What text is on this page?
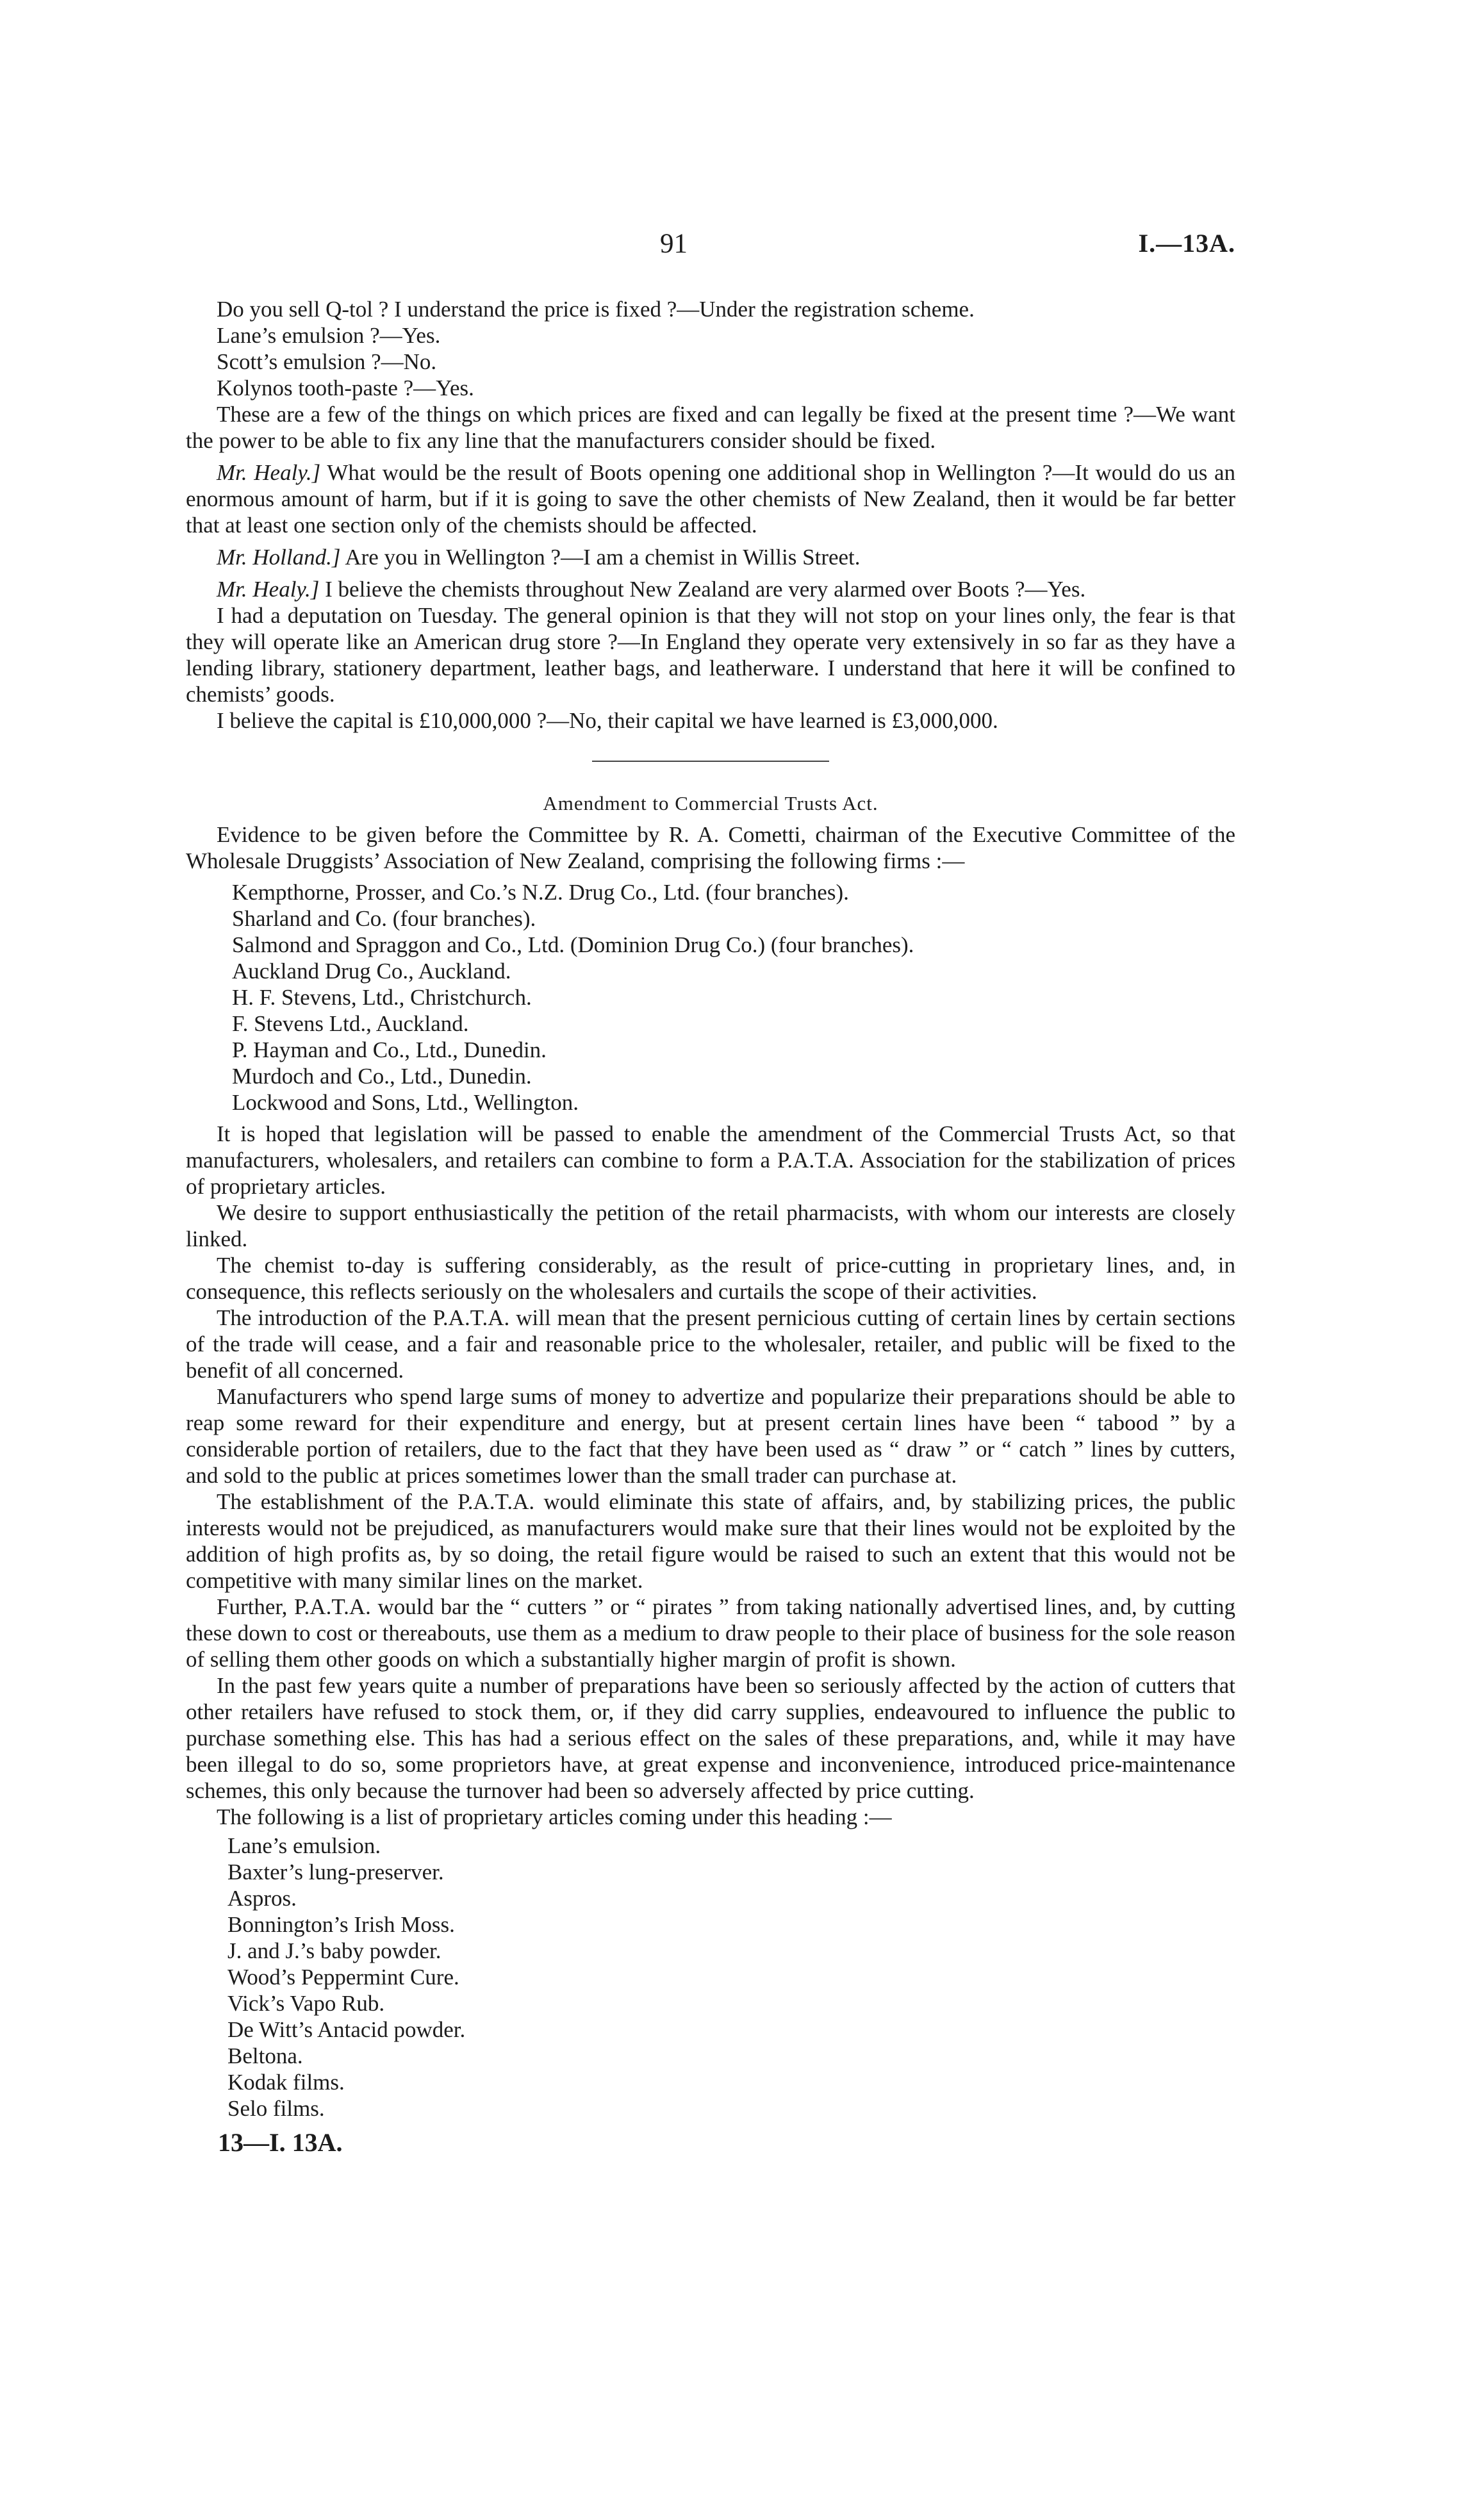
91	I.—13A.

Do you sell Q-tol ? I understand the price is fixed ?—Under the registration scheme.

Lane’s emulsion ?—Yes.

Scott’s emulsion ?—No.

Kolynos tooth-paste ?—Yes.

These are a few of the things on which prices are fixed and can legally be fixed at the present time ?—We want the power to be able to fix any line that the manufacturers consider should be fixed.

Mr. Healy.] What would be the result of Boots opening one additional shop in Wellington ?—It would do us an enormous amount of harm, but if it is going to save the other chemists of New Zealand, then it would be far better that at least one section only of the chemists should be affected.

Mr. Holland.] Are you in Wellington ?—I am a chemist in Willis Street.

Mr. Healy.] I believe the chemists throughout New Zealand are very alarmed over Boots ?—Yes.

I had a deputation on Tuesday. The general opinion is that they will not stop on your lines only, the fear is that they will operate like an American drug store ?—In England they operate very extensively in so far as they have a lending library, stationery department, leather bags, and leatherware. I understand that here it will be confined to chemists’ goods.

I believe the capital is £10,000,000 ?—No, their capital we have learned is £3,000,000.

Amendment to Commercial Trusts Act.

Evidence to be given before the Committee by R. A. Cometti, chairman of the Executive Committee of the Wholesale Druggists’ Association of New Zealand, comprising the following firms :—

Kempthorne, Prosser, and Co.’s N.Z. Drug Co., Ltd. (four branches).
Sharland and Co. (four branches).
Salmond and Spraggon and Co., Ltd. (Dominion Drug Co.) (four branches).
Auckland Drug Co., Auckland.
H. F. Stevens, Ltd., Christchurch.
F. Stevens Ltd., Auckland.
P. Hayman and Co., Ltd., Dunedin.
Murdoch and Co., Ltd., Dunedin.
Lockwood and Sons, Ltd., Wellington.

It is hoped that legislation will be passed to enable the amendment of the Commercial Trusts Act, so that manufacturers, wholesalers, and retailers can combine to form a P.A.T.A. Association for the stabilization of prices of proprietary articles.

We desire to support enthusiastically the petition of the retail pharmacists, with whom our interests are closely linked.

The chemist to-day is suffering considerably, as the result of price-cutting in proprietary lines, and, in consequence, this reflects seriously on the wholesalers and curtails the scope of their activities.

The introduction of the P.A.T.A. will mean that the present pernicious cutting of certain lines by certain sections of the trade will cease, and a fair and reasonable price to the wholesaler, retailer, and public will be fixed to the benefit of all concerned.

Manufacturers who spend large sums of money to advertize and popularize their preparations should be able to reap some reward for their expenditure and energy, but at present certain lines have been “ tabood ” by a considerable portion of retailers, due to the fact that they have been used as “ draw ” or “ catch ” lines by cutters, and sold to the public at prices sometimes lower than the small trader can purchase at.

The establishment of the P.A.T.A. would eliminate this state of affairs, and, by stabilizing prices, the public interests would not be prejudiced, as manufacturers would make sure that their lines would not be exploited by the addition of high profits as, by so doing, the retail figure would be raised to such an extent that this would not be competitive with many similar lines on the market.

Further, P.A.T.A. would bar the “ cutters ” or “ pirates ” from taking nationally advertised lines, and, by cutting these down to cost or thereabouts, use them as a medium to draw people to their place of business for the sole reason of selling them other goods on which a substantially higher margin of profit is shown.

In the past few years quite a number of preparations have been so seriously affected by the action of cutters that other retailers have refused to stock them, or, if they did carry supplies, endeavoured to influence the public to purchase something else. This has had a serious effect on the sales of these preparations, and, while it may have been illegal to do so, some proprietors have, at great expense and inconvenience, introduced price-maintenance schemes, this only because the turnover had been so adversely affected by price cutting.

The following is a list of proprietary articles coming under this heading :—

Lane’s emulsion.
Baxter’s lung-preserver.
Aspros.
Bonnington’s Irish Moss.
J. and J.’s baby powder.
Wood’s Peppermint Cure.
Vick’s Vapo Rub.
De Witt’s Antacid powder.
Beltona.
Kodak films.
Selo films.
13—I. 13A.
